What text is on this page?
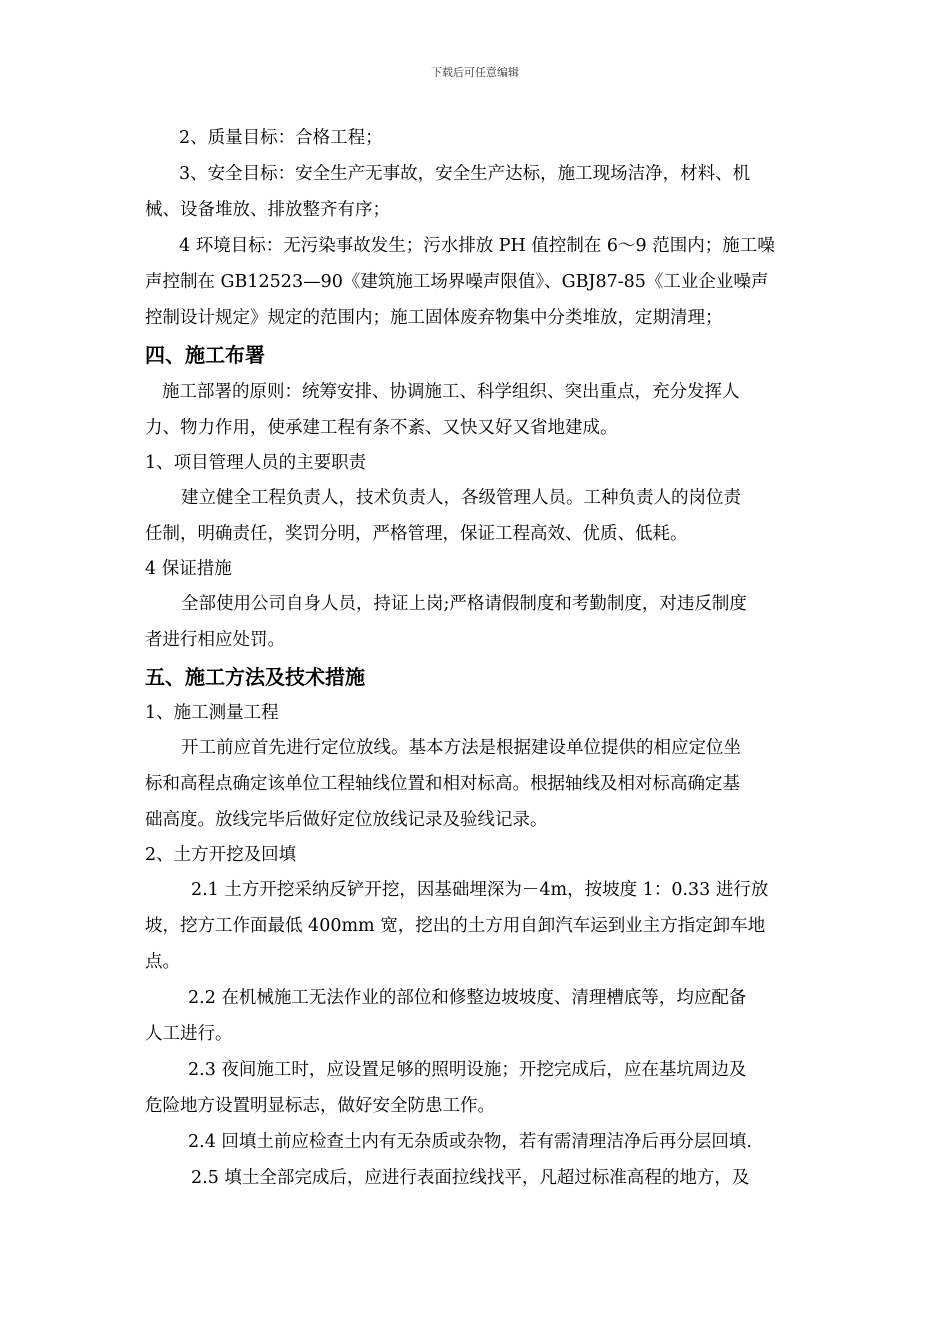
下载后可任意编辑
2、质量目标：合格工程；
3、安全目标：安全生产无事故，安全生产达标，施工现场洁净，材料、机
械、设备堆放、排放整齐有序；
4 环境目标：无污染事故发生；污水排放 PH 值控制在 6～9 范围内；施工噪
声控制在 GB12523—90《建筑施工场界噪声限值》、GBJ87-85《工业企业噪声
控制设计规定》规定的范围内；施工固体废弃物集中分类堆放，定期清理；
四、施工布署
施工部署的原则：统筹安排、协调施工、科学组织、突出重点，充分发挥人
力、物力作用，使承建工程有条不紊、又快又好又省地建成。
1、项目管理人员的主要职责
建立健全工程负责人，技术负责人，各级管理人员。工种负责人的岗位责
任制，明确责任，奖罚分明，严格管理，保证工程高效、优质、低耗。
4 保证措施
全部使用公司自身人员，持证上岗;严格请假制度和考勤制度，对违反制度
者进行相应处罚。
五、施工方法及技术措施
1、施工测量工程
开工前应首先进行定位放线。基本方法是根据建设单位提供的相应定位坐
标和高程点确定该单位工程轴线位置和相对标高。根据轴线及相对标高确定基
础高度。放线完毕后做好定位放线记录及验线记录。
2、土方开挖及回填
2.1 土方开挖采纳反铲开挖，因基础埋深为－4m，按坡度 1：0.33 进行放
坡，挖方工作面最低 400mm 宽，挖出的土方用自卸汽车运到业主方指定卸车地
点。
2.2 在机械施工无法作业的部位和修整边坡坡度、清理槽底等，均应配备
人工进行。
2.3 夜间施工时，应设置足够的照明设施；开挖完成后，应在基坑周边及
危险地方设置明显标志，做好安全防患工作。
2.4 回填土前应检查土内有无杂质或杂物，若有需清理洁净后再分层回填.
2.5 填土全部完成后，应进行表面拉线找平，凡超过标准高程的地方，及
